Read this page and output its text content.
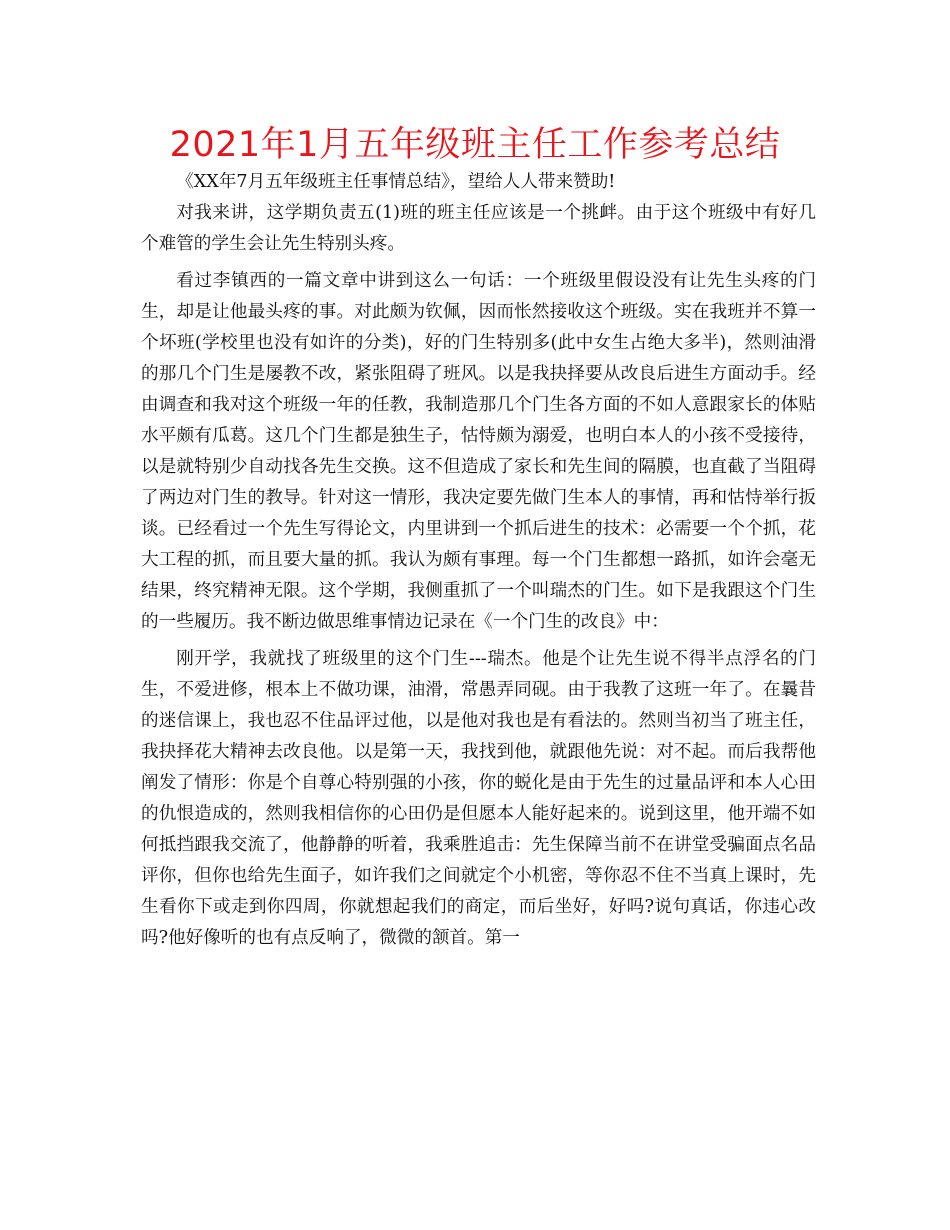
2021年1月五年级班主任工作参考总结

《XX年7月五年级班主任事情总结》，望给人人带来赞助!

对我来讲，这学期负责五(1)班的班主任应该是一个挑衅。由于这个班级中有好几个难管的学生会让先生特别头疼。

看过李镇西的一篇文章中讲到这么一句话：一个班级里假设没有让先生头疼的门生，却是让他最头疼的事。对此颇为钦佩，因而怅然接收这个班级。实在我班并不算一个坏班(学校里也没有如许的分类)，好的门生特别多(此中女生占绝大多半)，然则油滑的那几个门生是屡教不改，紧张阻碍了班风。以是我抉择要从改良后进生方面动手。经由调查和我对这个班级一年的任教，我制造那几个门生各方面的不如人意跟家长的体贴水平颇有瓜葛。这几个门生都是独生子，怙恃颇为溺爱，也明白本人的小孩不受接待，以是就特别少自动找各先生交换。这不但造成了家长和先生间的隔膜，也直截了当阻碍了两边对门生的教导。针对这一情形，我决定要先做门生本人的事情，再和怙恃举行扳谈。已经看过一个先生写得论文，内里讲到一个抓后进生的技术：必需要一个个抓，花大工程的抓，而且要大量的抓。我认为颇有事理。每一个门生都想一路抓，如许会毫无结果，终究精神无限。这个学期，我侧重抓了一个叫瑞杰的门生。如下是我跟这个门生的一些履历。我不断边做思维事情边记录在《一个门生的改良》中：

刚开学，我就找了班级里的这个门生---瑞杰。他是个让先生说不得半点浮名的门生，不爱进修，根本上不做功课，油滑，常愚弄同砚。由于我教了这班一年了。在曩昔的迷信课上，我也忍不住品评过他，以是他对我也是有看法的。然则当初当了班主任，我抉择花大精神去改良他。以是第一天，我找到他，就跟他先说：对不起。而后我帮他阐发了情形：你是个自尊心特别强的小孩，你的蜕化是由于先生的过量品评和本人心田的仇恨造成的，然则我相信你的心田仍是但愿本人能好起来的。说到这里，他开端不如何抵挡跟我交流了，他静静的听着，我乘胜追击：先生保障当前不在讲堂受骗面点名品评你，但你也给先生面子，如许我们之间就定个小机密，等你忍不住不当真上课时，先生看你下或走到你四周，你就想起我们的商定，而后坐好，好吗?说句真话，你违心改吗?他好像听的也有点反响了，微微的颔首。第一
